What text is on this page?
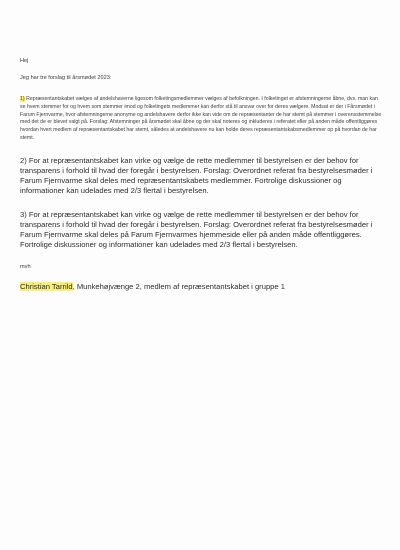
Hej

Jeg har tre forslag til årsmødet 2023:

1) Repræsentantskabet vælges af andelshaverne ligesom folketingsmedlemmer vælges af befolkningen. I folketinget er afstemningerne åbne, dvs. man kan se hvem stemmer for og hvem som stemmer imod og folketingets medlemmer kan derfor stå til ansvar over for deres vælgere. Modsat er der i Fårsmødet i Farum Fjernvarme, hvor afstemningerne anonyme og andelshavere derfor ikke kan vide om de repræsentanter de har stemt på stemmer i overensstemmelse med det de er blevet valgt på. Forslag: Afstemninger på årsmødet skal åbne og der skal noteres og inkluderes i referatet eller på anden måde offentliggøres hvordan hvert medlem af repræsentantskabet har stemt, således at andelshavere nu kan holde deres repræsentantskabsmedlemmer op på hvordan de har stemt.

2) For at repræsentantskabet kan virke og vælge de rette medlemmer til bestyrelsen er der behov for transparens i forhold til hvad der foregår i bestyrelsen. Forslag: Overordnet referat fra bestyrelsesmøder i Farum Fjernvarme skal deles med repræsentantskabets medlemmer. Fortrolige diskussioner og informationer kan udelades med 2/3 flertal i bestyrelsen.

3) For at repræsentantskabet kan virke og vælge de rette medlemmer til bestyrelsen er der behov for transparens i forhold til hvad der foregår i bestyrelsen. Forslag: Overordnet referat fra bestyrelsesmøder i Farum Fjernvarme skal deles på Farum Fjernvarmes hjemmeside eller på anden måde offentliggøres. Fortrolige diskussioner og informationer kan udelades med 2/3 flertal i bestyrelsen.

mvh

Christian Tarrild, Munkehøjvænge 2, medlem af repræsentantskabet i gruppe 1
